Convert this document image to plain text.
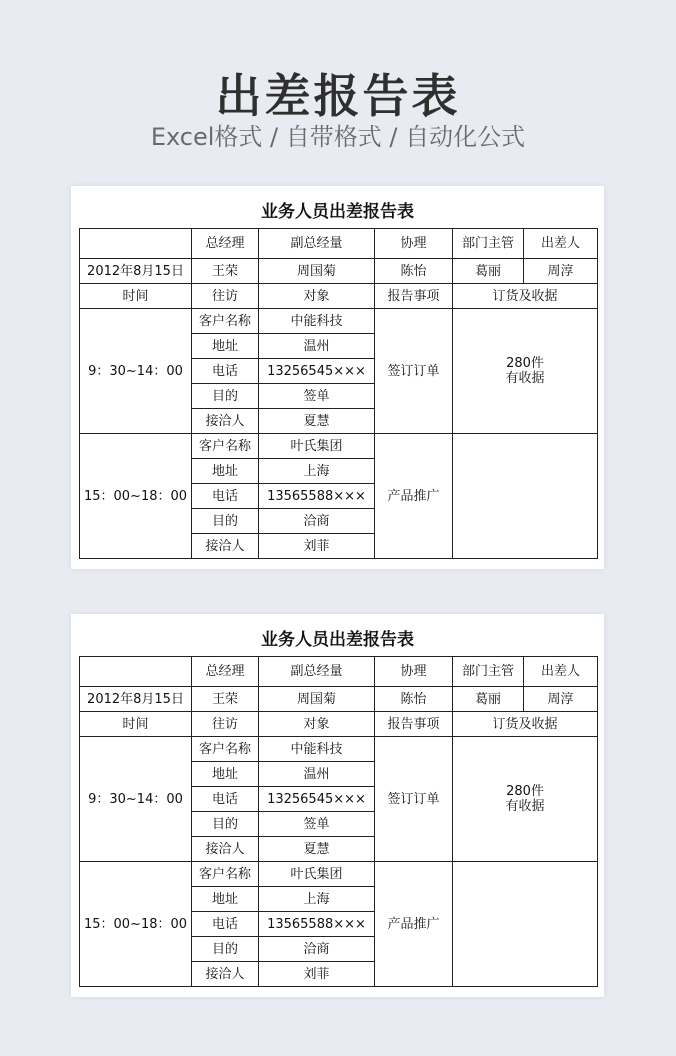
出差报告表
Excel格式 / 自带格式 / 自动化公式
业务人员出差报告表
	总经理	副总经量	协理	部门主管	出差人
2012年8月15日	王荣	周国菊	陈怡	葛丽	周淳
时间	往访	对象	报告事项	订货及收据	
9：30~14：00	客户名称	中能科技	签订订单	280件
有收据	

	地址	温州			
	电话	13256545×××			
	目的	签单			
	接洽人	夏慧			
15：00~18：00	客户名称	叶氏集团	产品推广		

	地址	上海			
	电话	13565588×××			
	目的	洽商			
	接洽人	刘菲			
业务人员出差报告表
	总经理	副总经量	协理	部门主管	出差人
2012年8月15日	王荣	周国菊	陈怡	葛丽	周淳
时间	往访	对象	报告事项	订货及收据	
9：30~14：00	客户名称	中能科技	签订订单	280件
有收据	

	地址	温州			
	电话	13256545×××			
	目的	签单			
	接洽人	夏慧			
15：00~18：00	客户名称	叶氏集团	产品推广		

	地址	上海			
	电话	13565588×××			
	目的	洽商			
	接洽人	刘菲			
